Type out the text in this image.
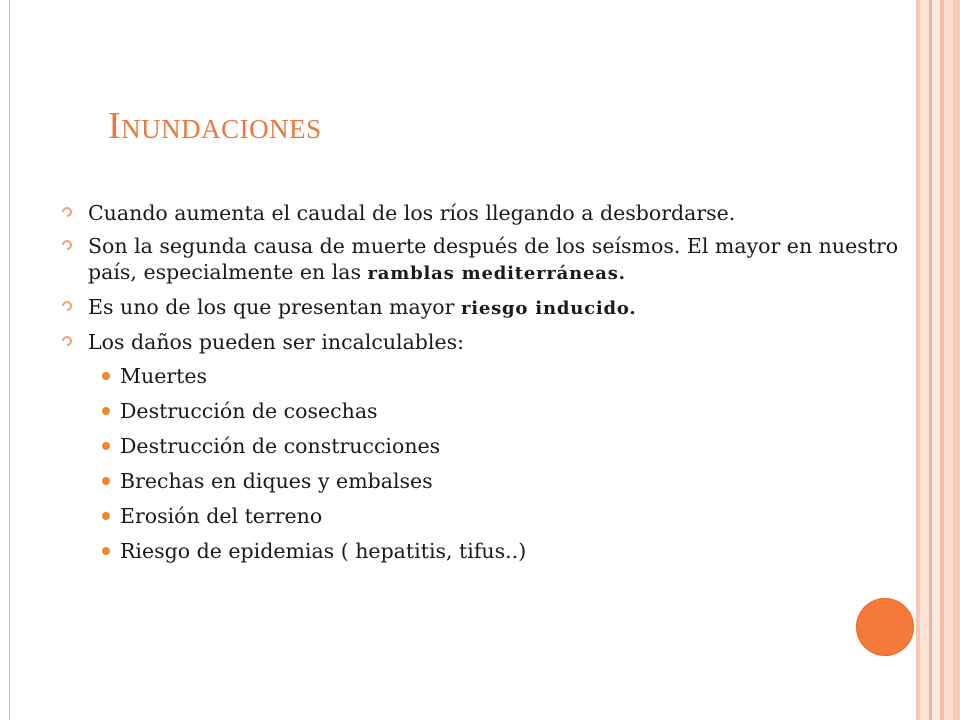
Inundaciones
Cuando aumenta el caudal de los ríos llegando a desbordarse.
Son la segunda causa de muerte después de los seísmos. El mayor en nuestro país, especialmente en las ramblas mediterráneas.
Es uno de los que presentan mayor riesgo inducido.
Los daños pueden ser incalculables:
Muertes
Destrucción de cosechas
Destrucción de construcciones
Brechas en diques y embalses
Erosión del terreno
Riesgo de epidemias ( hepatitis, tifus..)
